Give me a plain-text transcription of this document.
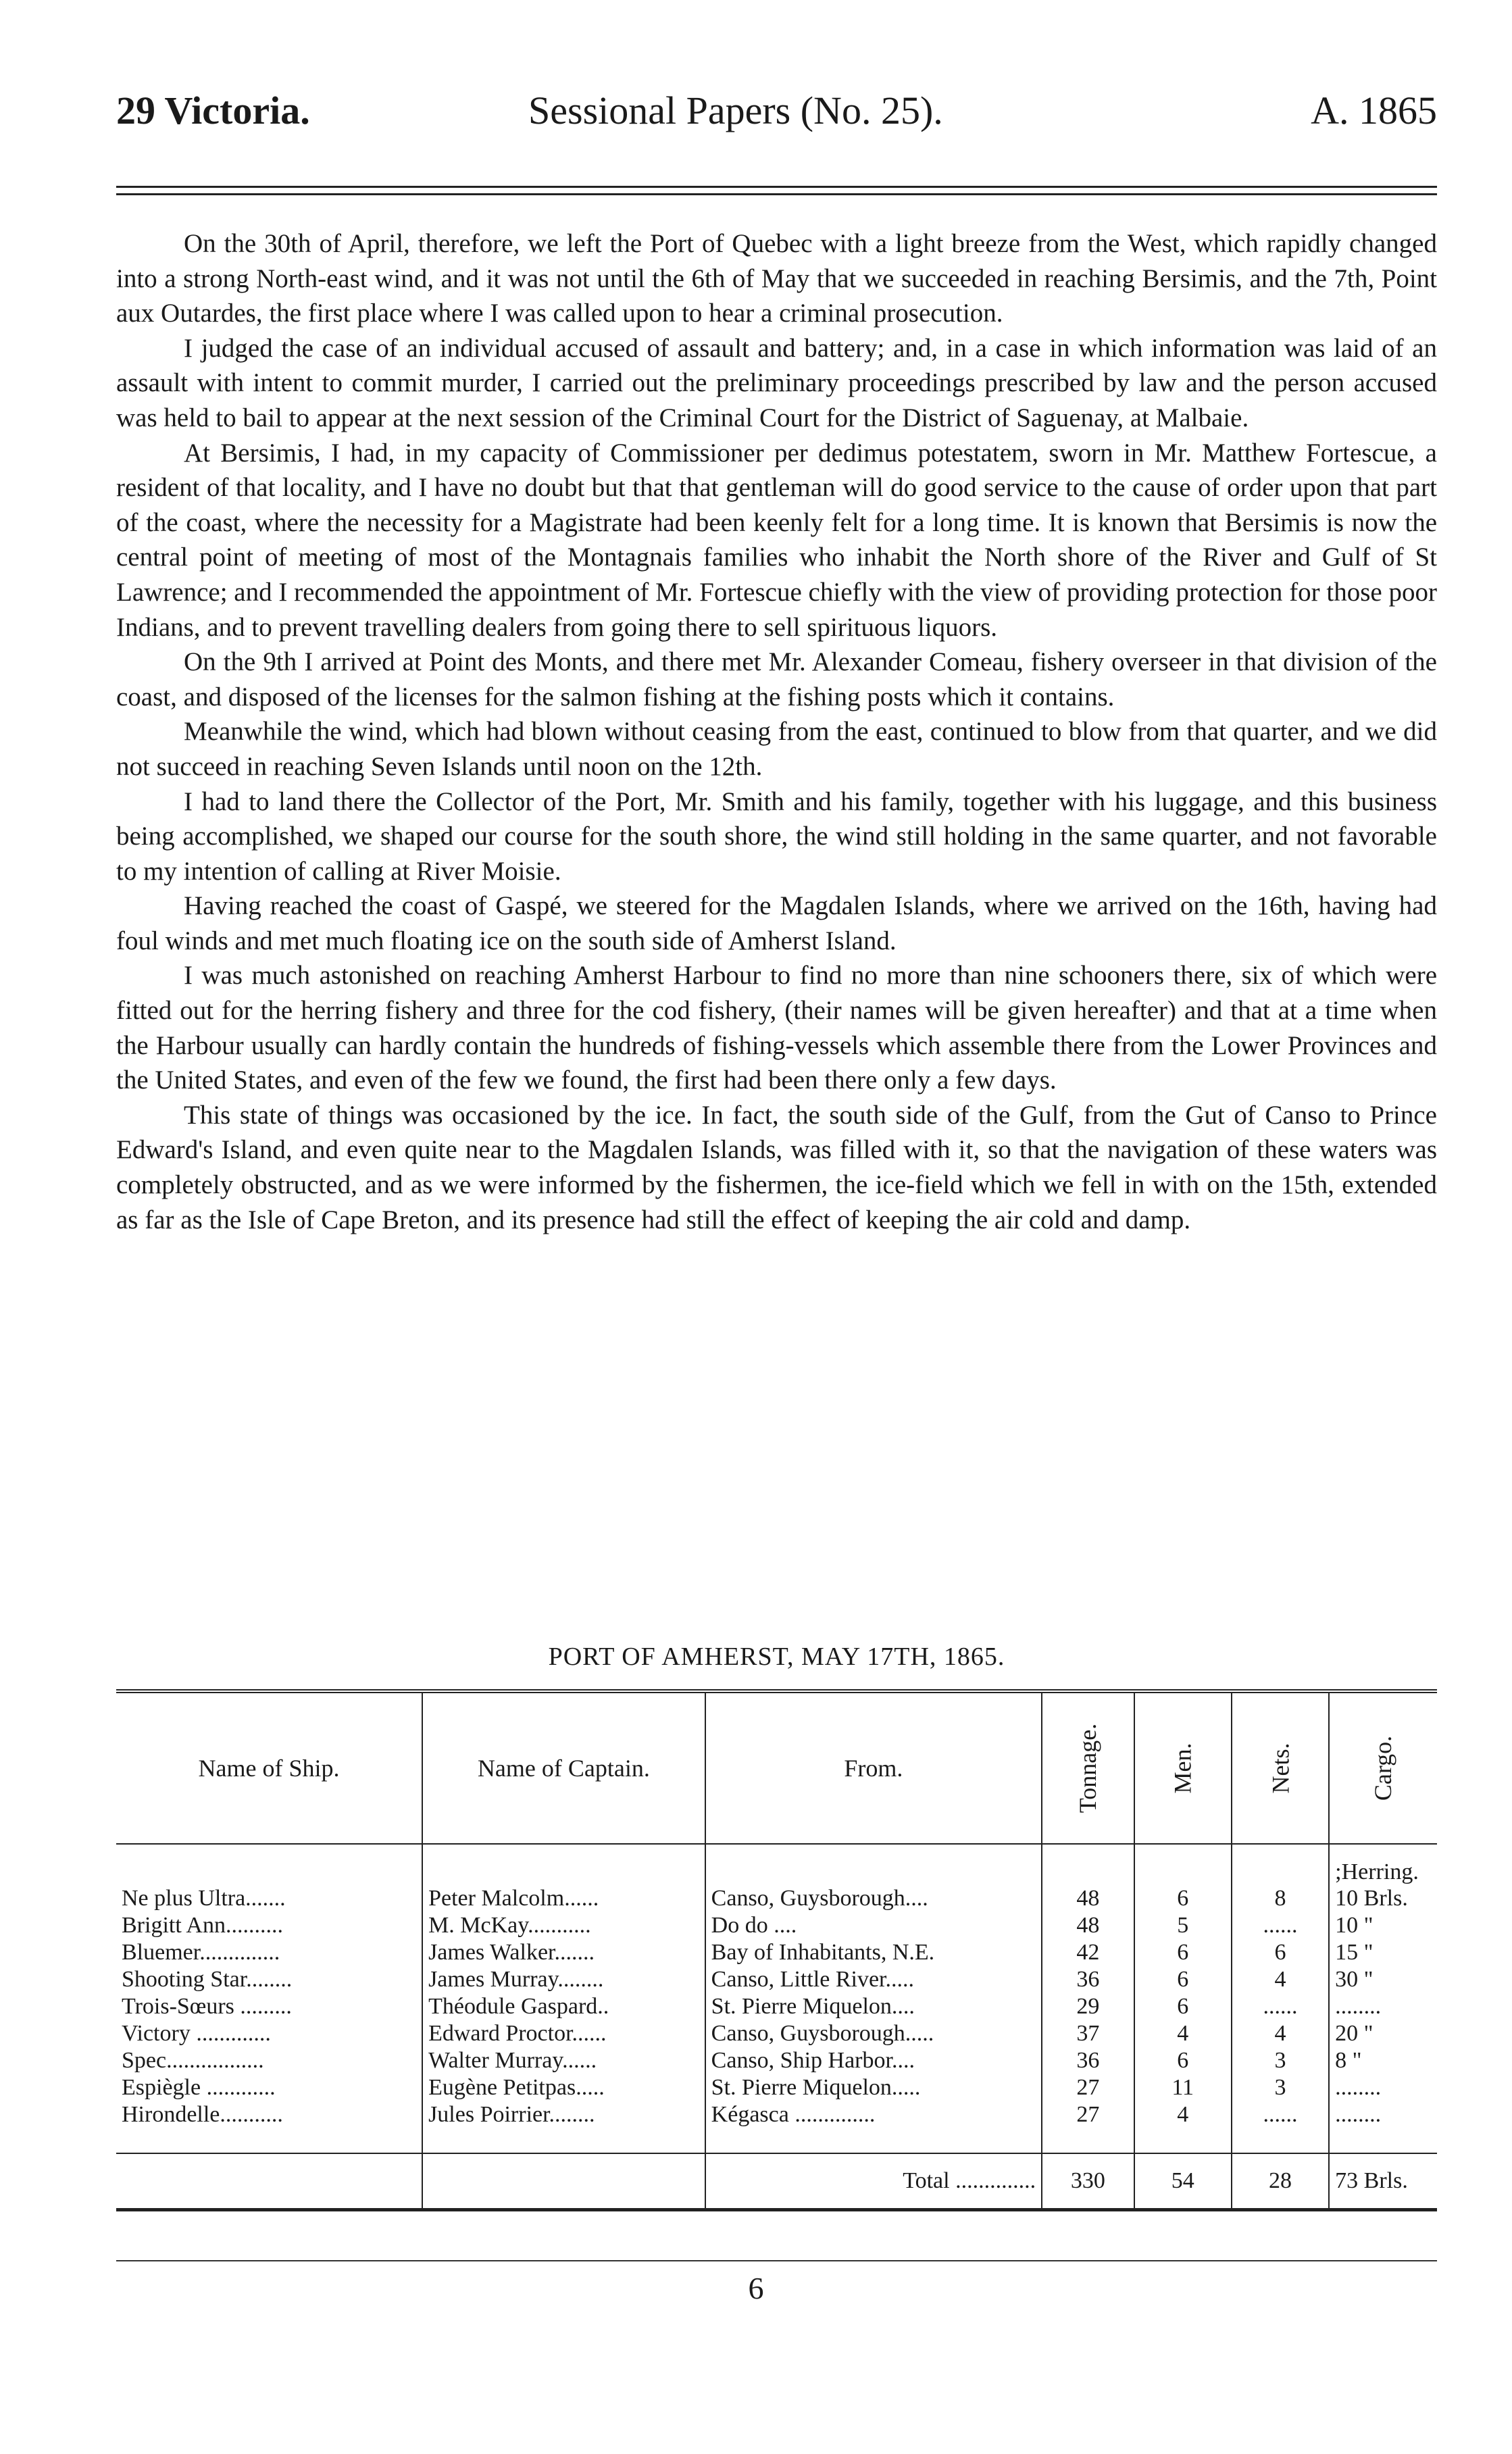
29 Victoria.	Sessional Papers (No. 25).	A. 1865

On the 30th of April, therefore, we left the Port of Quebec with a light breeze from the West, which rapidly changed into a strong North-east wind, and it was not until the 6th of May that we succeeded in reaching Bersimis, and the 7th, Point aux Outardes, the first place where I was called upon to hear a criminal prosecution.

I judged the case of an individual accused of assault and battery; and, in a case in which information was laid of an assault with intent to commit murder, I carried out the preliminary proceedings prescribed by law and the person accused was held to bail to appear at the next session of the Criminal Court for the District of Saguenay, at Malbaie.

At Bersimis, I had, in my capacity of Commissioner per dedimus potestatem, sworn in Mr. Matthew Fortescue, a resident of that locality, and I have no doubt but that that gentleman will do good service to the cause of order upon that part of the coast, where the necessity for a Magistrate had been keenly felt for a long time. It is known that Bersimis is now the central point of meeting of most of the Montagnais families who inhabit the North shore of the River and Gulf of St Lawrence; and I recommended the appointment of Mr. Fortescue chiefly with the view of providing protection for those poor Indians, and to prevent travelling dealers from going there to sell spirituous liquors.

On the 9th I arrived at Point des Monts, and there met Mr. Alexander Comeau, fishery overseer in that division of the coast, and disposed of the licenses for the salmon fishing at the fishing posts which it contains.

Meanwhile the wind, which had blown without ceasing from the east, continued to blow from that quarter, and we did not succeed in reaching Seven Islands until noon on the 12th.

I had to land there the Collector of the Port, Mr. Smith and his family, together with his luggage, and this business being accomplished, we shaped our course for the south shore, the wind still holding in the same quarter, and not favorable to my intention of calling at River Moisie.

Having reached the coast of Gaspé, we steered for the Magdalen Islands, where we arrived on the 16th, having had foul winds and met much floating ice on the south side of Amherst Island.

I was much astonished on reaching Amherst Harbour to find no more than nine schooners there, six of which were fitted out for the herring fishery and three for the cod fishery, (their names will be given hereafter) and that at a time when the Harbour usually can hardly contain the hundreds of fishing-vessels which assemble there from the Lower Provinces and the United States, and even of the few we found, the first had been there only a few days.

This state of things was occasioned by the ice. In fact, the south side of the Gulf, from the Gut of Canso to Prince Edward's Island, and even quite near to the Magdalen Islands, was filled with it, so that the navigation of these waters was completely obstructed, and as we were informed by the fishermen, the ice-field which we fell in with on the 15th, extended as far as the Isle of Cape Breton, and its presence had still the effect of keeping the air cold and damp.

PORT OF AMHERST, MAY 17TH, 1865.
Name of Ship.	Name of Captain.	From.	Tonnage.	Men.	Nets.	Cargo.
						;Herring.
Ne plus Ultra.......	Peter Malcolm......	Canso, Guysborough....	48	6	8	10 Brls.
Brigitt Ann..........	M. McKay...........	Do do ....	48	5	......	10 "
Bluemer..............	James Walker.......	Bay of Inhabitants, N.E.	42	6	6	15 "
Shooting Star........	James Murray........	Canso, Little River.....	36	6	4	30 "
Trois-Sœurs .........	Théodule Gaspard..	St. Pierre Miquelon....	29	6	......	........
Victory .............	Edward Proctor......	Canso, Guysborough.....	37	4	4	20 "
Spec.................	Walter Murray......	Canso, Ship Harbor....	36	6	3	8 "
Espiègle ............	Eugène Petitpas.....	St. Pierre Miquelon.....	27	11	3	........
Hirondelle...........	Jules Poirrier........	Kégasca ..............	27	4	......	........

		Total ..............	330	54	28	73 Brls.
6
